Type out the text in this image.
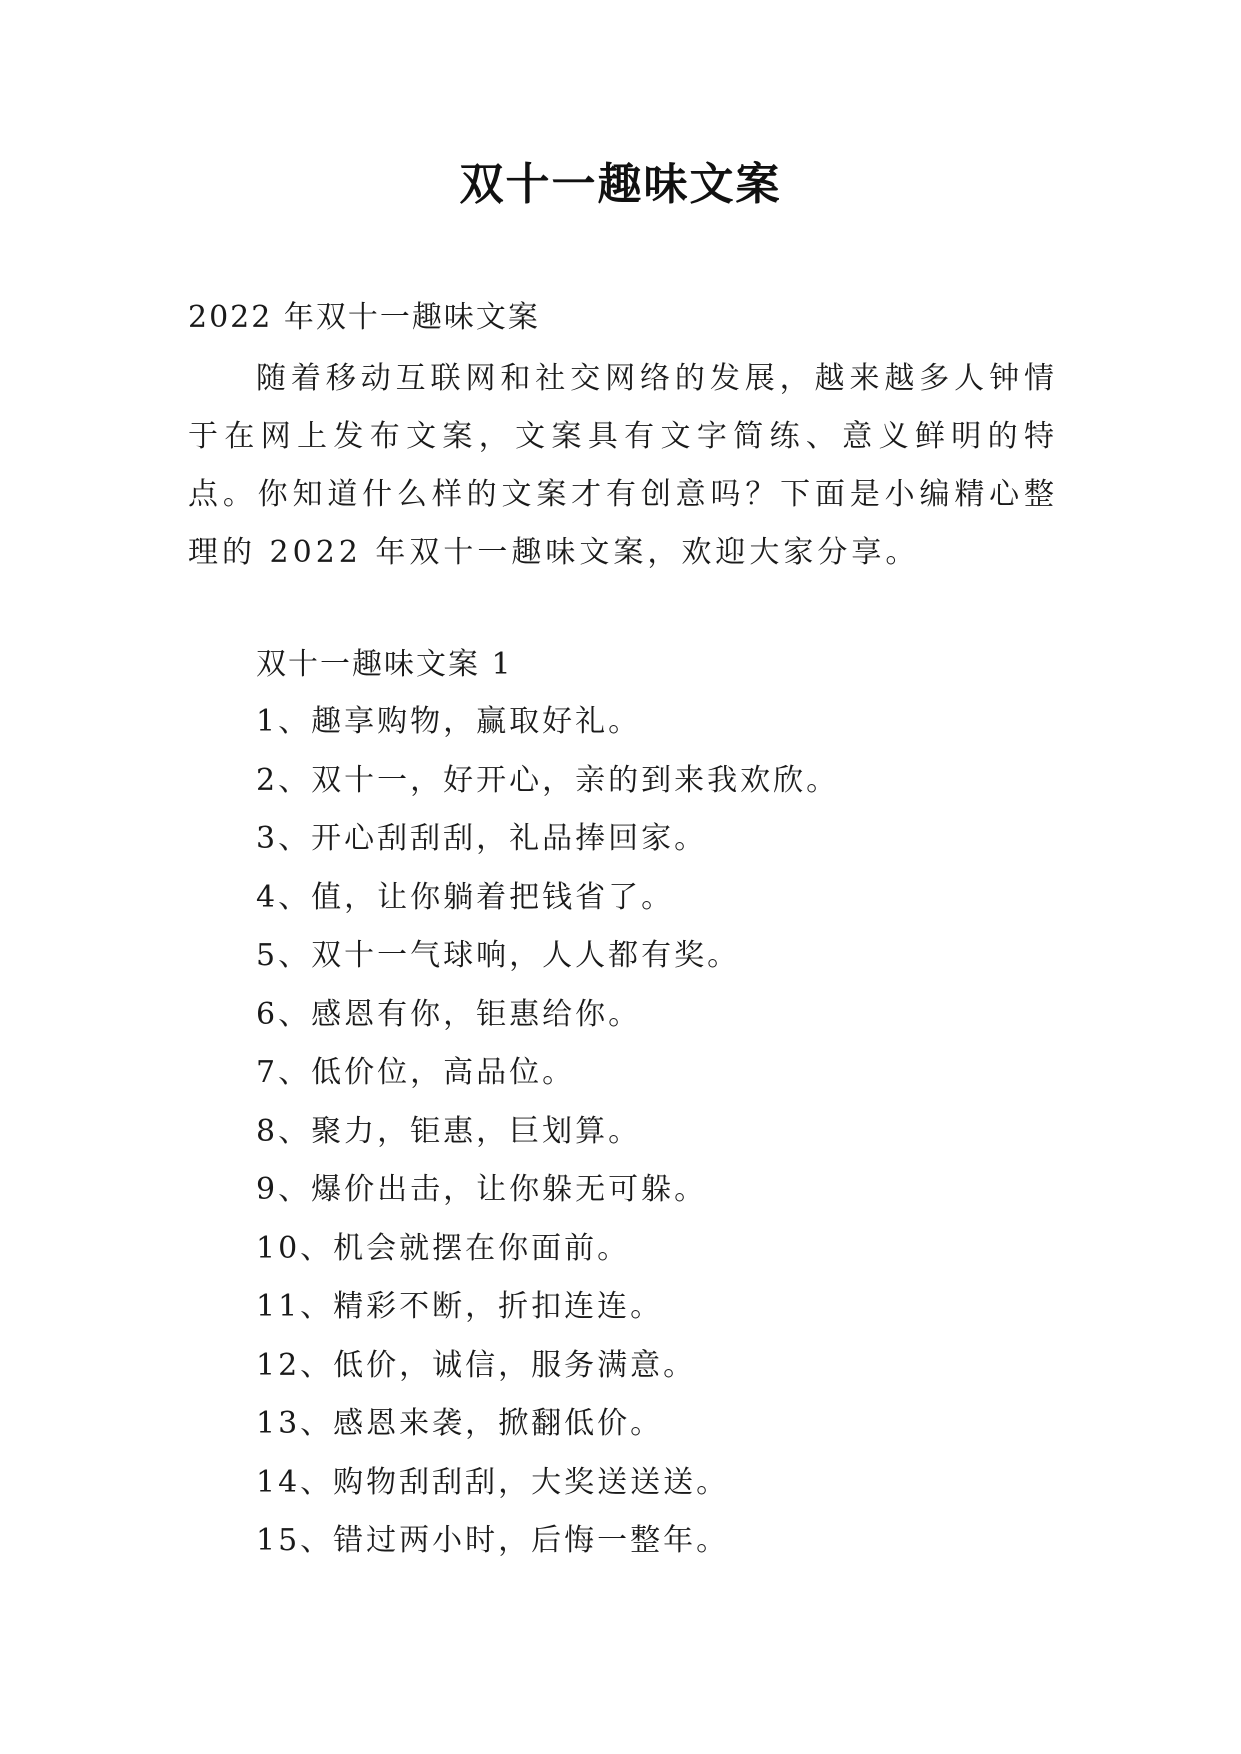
双十一趣味文案
2022 年双十一趣味文案

随着移动互联网和社交网络的发展，越来越多人钟情于在网上发布文案，文案具有文字简练、意义鲜明的特点。你知道什么样的文案才有创意吗？下面是小编精心整理的 2022 年双十一趣味文案，欢迎大家分享。

双十一趣味文案 1
1、趣享购物，赢取好礼。
2、双十一，好开心，亲的到来我欢欣。
3、开心刮刮刮，礼品捧回家。
4、值，让你躺着把钱省了。
5、双十一气球响，人人都有奖。
6、感恩有你，钜惠给你。
7、低价位，高品位。
8、聚力，钜惠，巨划算。
9、爆价出击，让你躲无可躲。
10、机会就摆在你面前。
11、精彩不断，折扣连连。
12、低价，诚信，服务满意。
13、感恩来袭，掀翻低价。
14、购物刮刮刮，大奖送送送。
15、错过两小时，后悔一整年。
